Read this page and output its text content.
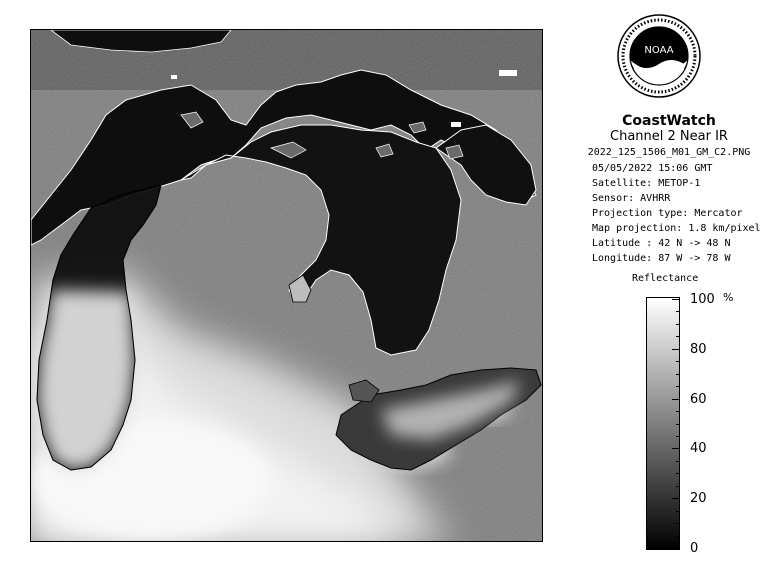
NOAA
CoastWatch
Channel 2 Near IR
2022_125_1506_M01_GM_C2.PNG
05/05/2022 15:06 GMT
Satellite: METOP-1
Sensor: AVHRR
Projection type: Mercator
Map projection: 1.8 km/pixel
Latitude : 42 N -> 48 N
Longitude: 87 W -> 78 W
Reflectance
%
100
80
60
40
20
0
